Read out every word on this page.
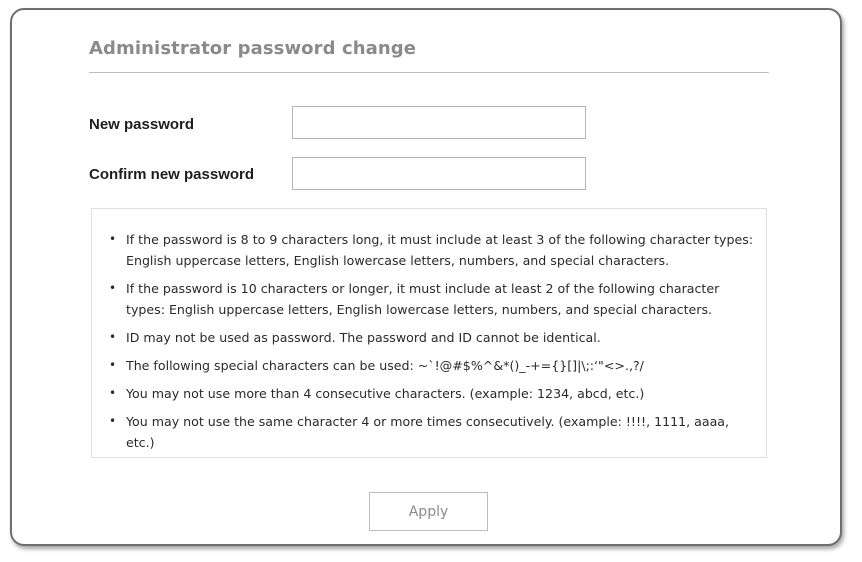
Administrator password change
New password
Confirm new password
• If the password is 8 to 9 characters long, it must include at least 3 of the following character types: English uppercase letters, English lowercase letters, numbers, and special characters.
• If the password is 10 characters or longer, it must include at least 2 of the following character types: English uppercase letters, English lowercase letters, numbers, and special characters.
• ID may not be used as password. The password and ID cannot be identical.
• The following special characters can be used: ~`!@#$%^&*()_-+={}[]|\;:‘"<>.,?/
• You may not use more than 4 consecutive characters. (example: 1234, abcd, etc.)
• You may not use the same character 4 or more times consecutively. (example: !!!!, 1111, aaaa, etc.)
Apply
